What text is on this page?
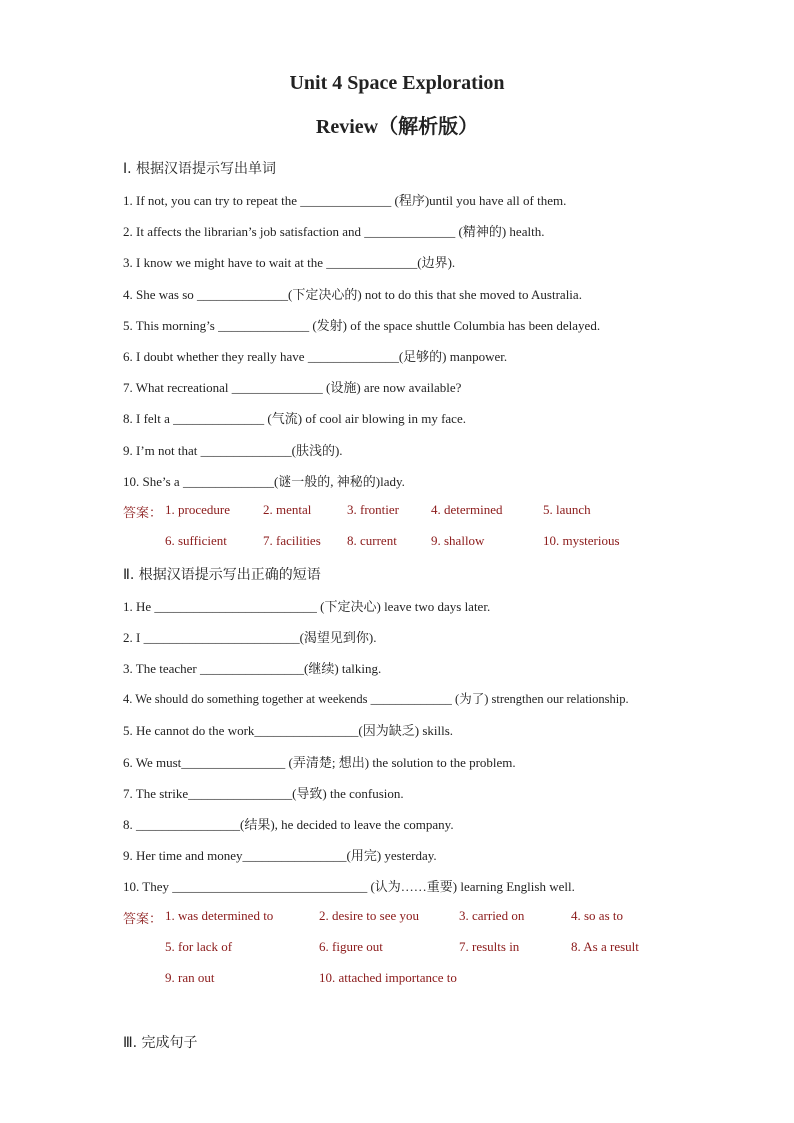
Unit 4 Space Exploration
Review（解析版）
Ⅰ. 根据汉语提示写出单词
1. If not, you can try to repeat the ______________ (程序)until you have all of them.
2. It affects the librarian’s job satisfaction and ______________ (精神的) health.
3. I know we might have to wait at the ______________(边界).
4. She was so ______________(下定决心的) not to do this that she moved to Australia.
5. This morning’s ______________ (发射) of the space shuttle Columbia has been delayed.
6. I doubt whether they really have ______________(足够的) manpower.
7. What recreational ______________ (设施) are now available?
8. I felt a ______________ (气流) of cool air blowing in my face.
9. I’m not that ______________(肤浅的).
10. She’s a ______________(谜一般的, 神秘的)lady.
答案： 1. procedure	2. mental	3. frontier 4. determined	5. launch
6. sufficient	7. facilities 8. current	9. shallow	10. mysterious
Ⅱ. 根据汉语提示写出正确的短语
1. He _________________________ (下定决心) leave two days later.
2. I ________________________(渴望见到你).
3. The teacher ________________(继续) talking.
4. We should do something together at weekends _____________ (为了) strengthen our relationship.
5. He cannot do the work________________(因为缺乏) skills.
6. We must________________ (弄清楚; 想出) the solution to the problem.
7. The strike________________(导致) the confusion.
8. ________________(结果), he decided to leave the company.
9. Her time and money________________(用完) yesterday.
10. They ______________________________ (认为……重要) learning English well.
答案： 1. was determined to	2. desire to see you	3. carried on	4. so as to
5. for lack of	6. figure out	7. results in	8. As a result
9. ran out	10. attached importance to
Ⅲ. 完成句子
